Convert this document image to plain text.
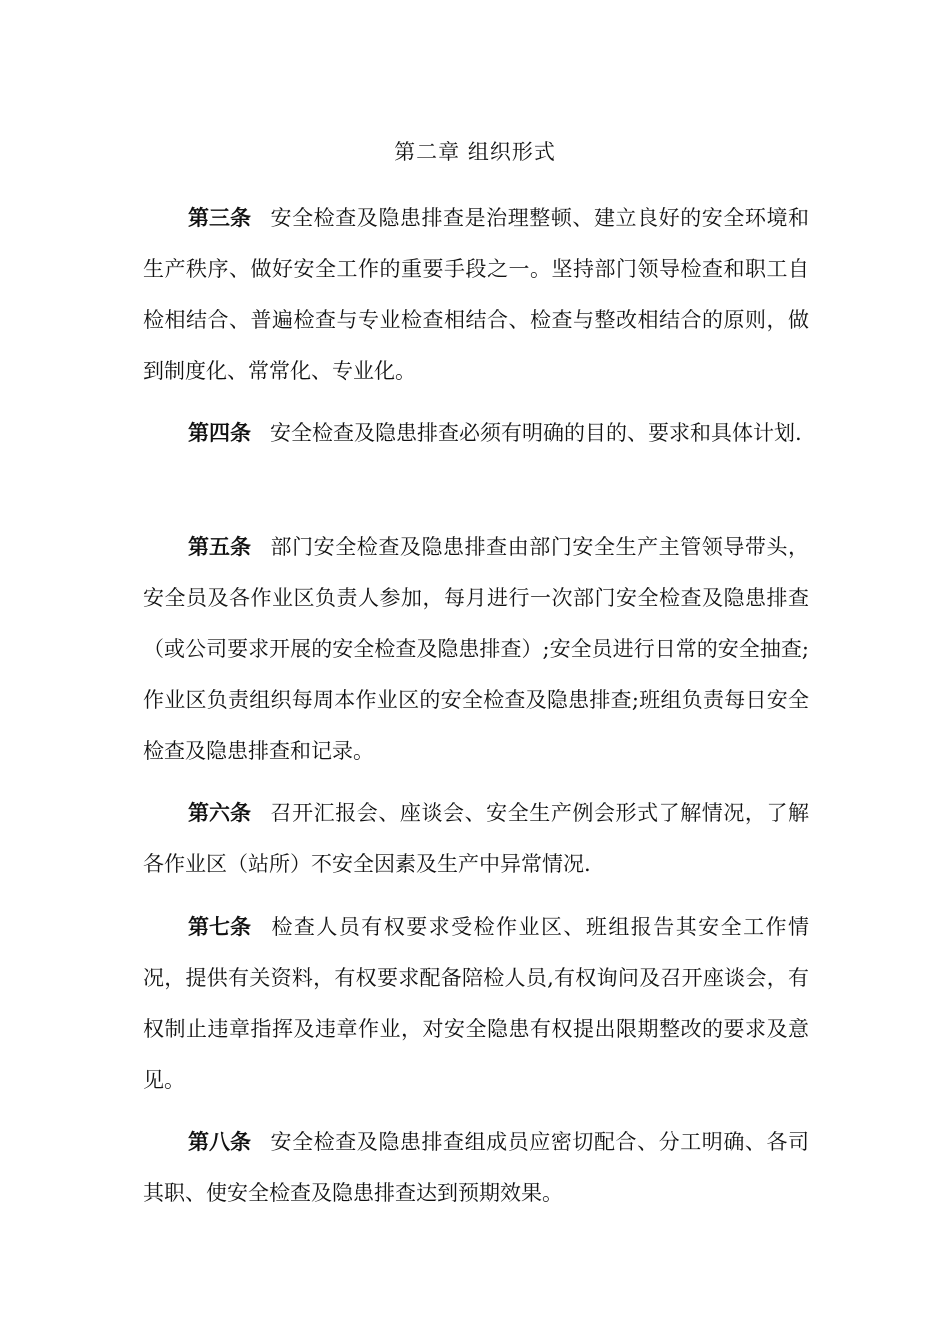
第二章 组织形式

第三条 安全检查及隐患排查是治理整顿、建立良好的安全环境和生产秩序、做好安全工作的重要手段之一。坚持部门领导检查和职工自检相结合、普遍检查与专业检查相结合、检查与整改相结合的原则，做到制度化、常常化、专业化。

第四条 安全检查及隐患排查必须有明确的目的、要求和具体计划.

第五条 部门安全检查及隐患排查由部门安全生产主管领导带头，安全员及各作业区负责人参加，每月进行一次部门安全检查及隐患排查（或公司要求开展的安全检查及隐患排查）;安全员进行日常的安全抽查;作业区负责组织每周本作业区的安全检查及隐患排查;班组负责每日安全检查及隐患排查和记录。

第六条 召开汇报会、座谈会、安全生产例会形式了解情况，了解各作业区（站所）不安全因素及生产中异常情况.

第七条 检查人员有权要求受检作业区、班组报告其安全工作情况，提供有关资料，有权要求配备陪检人员,有权询问及召开座谈会，有权制止违章指挥及违章作业，对安全隐患有权提出限期整改的要求及意见。

第八条 安全检查及隐患排查组成员应密切配合、分工明确、各司其职、使安全检查及隐患排查达到预期效果。
